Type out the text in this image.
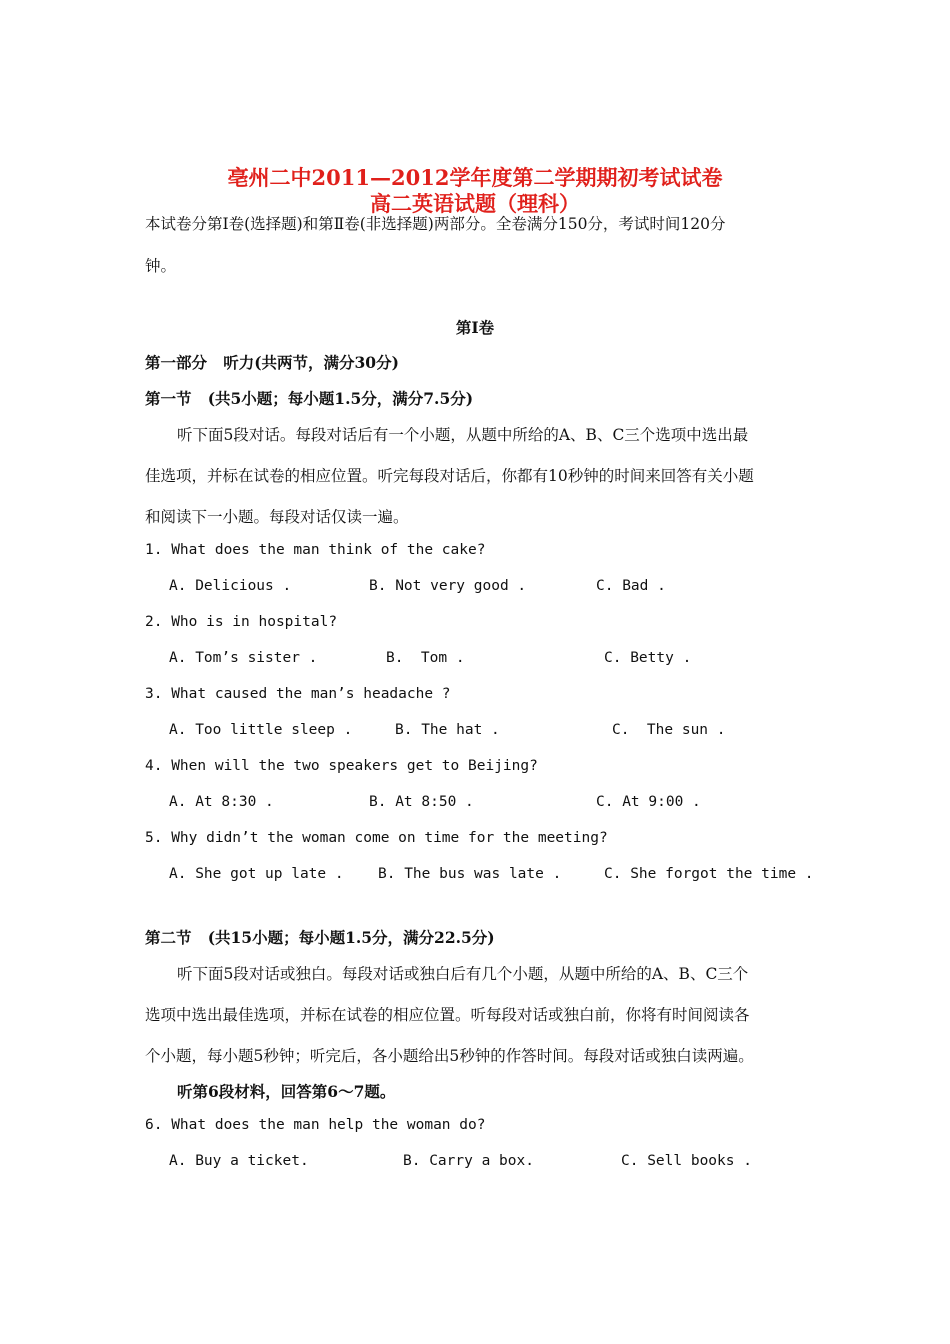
亳州二中2011—2012学年度第二学期期初考试试卷
高二英语试题（理科）
本试卷分第Ⅰ卷(选择题)和第Ⅱ卷(非选择题)两部分。全卷满分150分，考试时间120分
钟。
第Ⅰ卷
第一部分   听力(共两节，满分30分)
第一节   (共5小题；每小题1.5分，满分7.5分)
听下面5段对话。每段对话后有一个小题，从题中所给的A、B、C三个选项中选出最
佳选项，并标在试卷的相应位置。听完每段对话后，你都有10秒钟的时间来回答有关小题
和阅读下一小题。每段对话仅读一遍。
1. What does the man think of the cake?
A. Delicious .	B. Not very good .	C. Bad .
2. Who is in hospital?
A. Tom’s sister .	B.  Tom .	C. Betty .
3. What caused the man’s headache ?
A. Too little sleep .	B. The hat .	C.  The sun .
4. When will the two speakers get to Beijing?
A. At 8:30 .	B. At 8:50 .	C. At 9:00 .
5. Why didn’t the woman come on time for the meeting?
A. She got up late . B. The bus was late .	C. She forgot the time .
第二节   (共15小题；每小题1.5分，满分22.5分)
听下面5段对话或独白。每段对话或独白后有几个小题，从题中所给的A、B、C三个
选项中选出最佳选项，并标在试卷的相应位置。听每段对话或独白前，你将有时间阅读各
个小题，每小题5秒钟；听完后，各小题给出5秒钟的作答时间。每段对话或独白读两遍。
听第6段材料，回答第6～7题。
6. What does the man help the woman do?
A. Buy a ticket.	B. Carry a box.	C. Sell books .
